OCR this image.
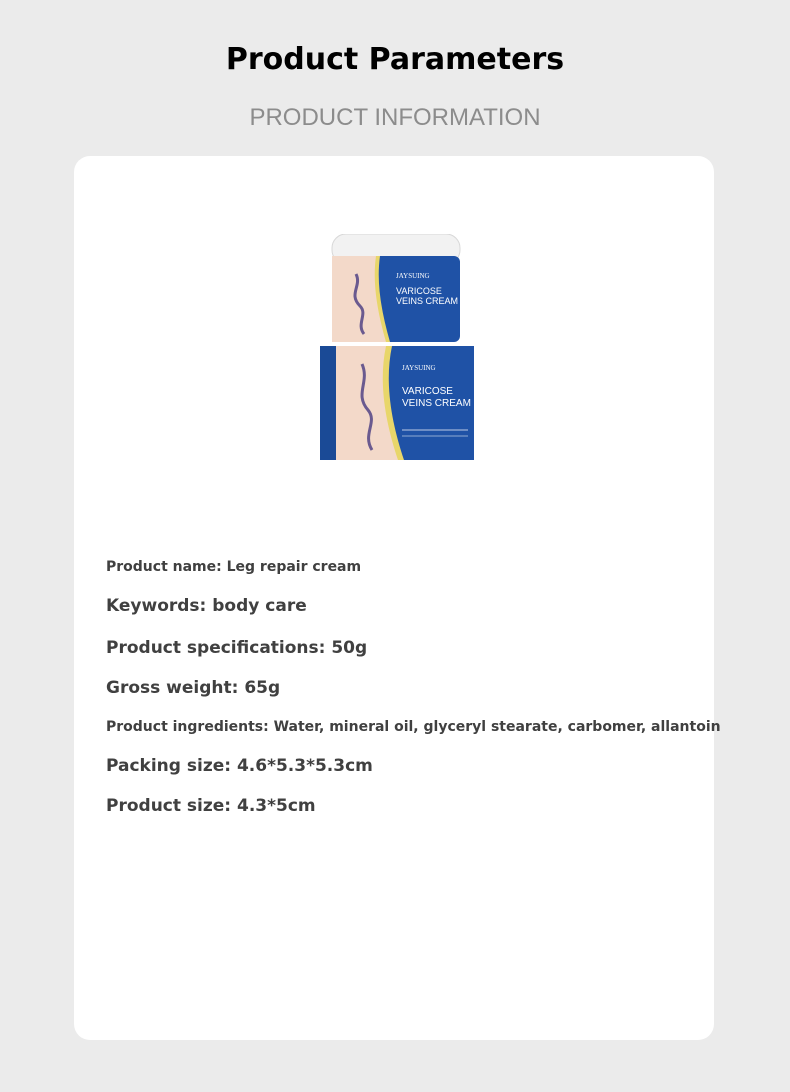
Product Parameters
PRODUCT INFORMATION
JAYSUING
VARICOSE
VEINS CREAM
JAYSUING
VARICOSE
VEINS CREAM
Product name: Leg repair cream
Keywords: body care
Product specifications: 50g
Gross weight: 65g
Product ingredients: Water, mineral oil, glyceryl stearate, carbomer, allantoin
Packing size: 4.6*5.3*5.3cm
Product size: 4.3*5cm
